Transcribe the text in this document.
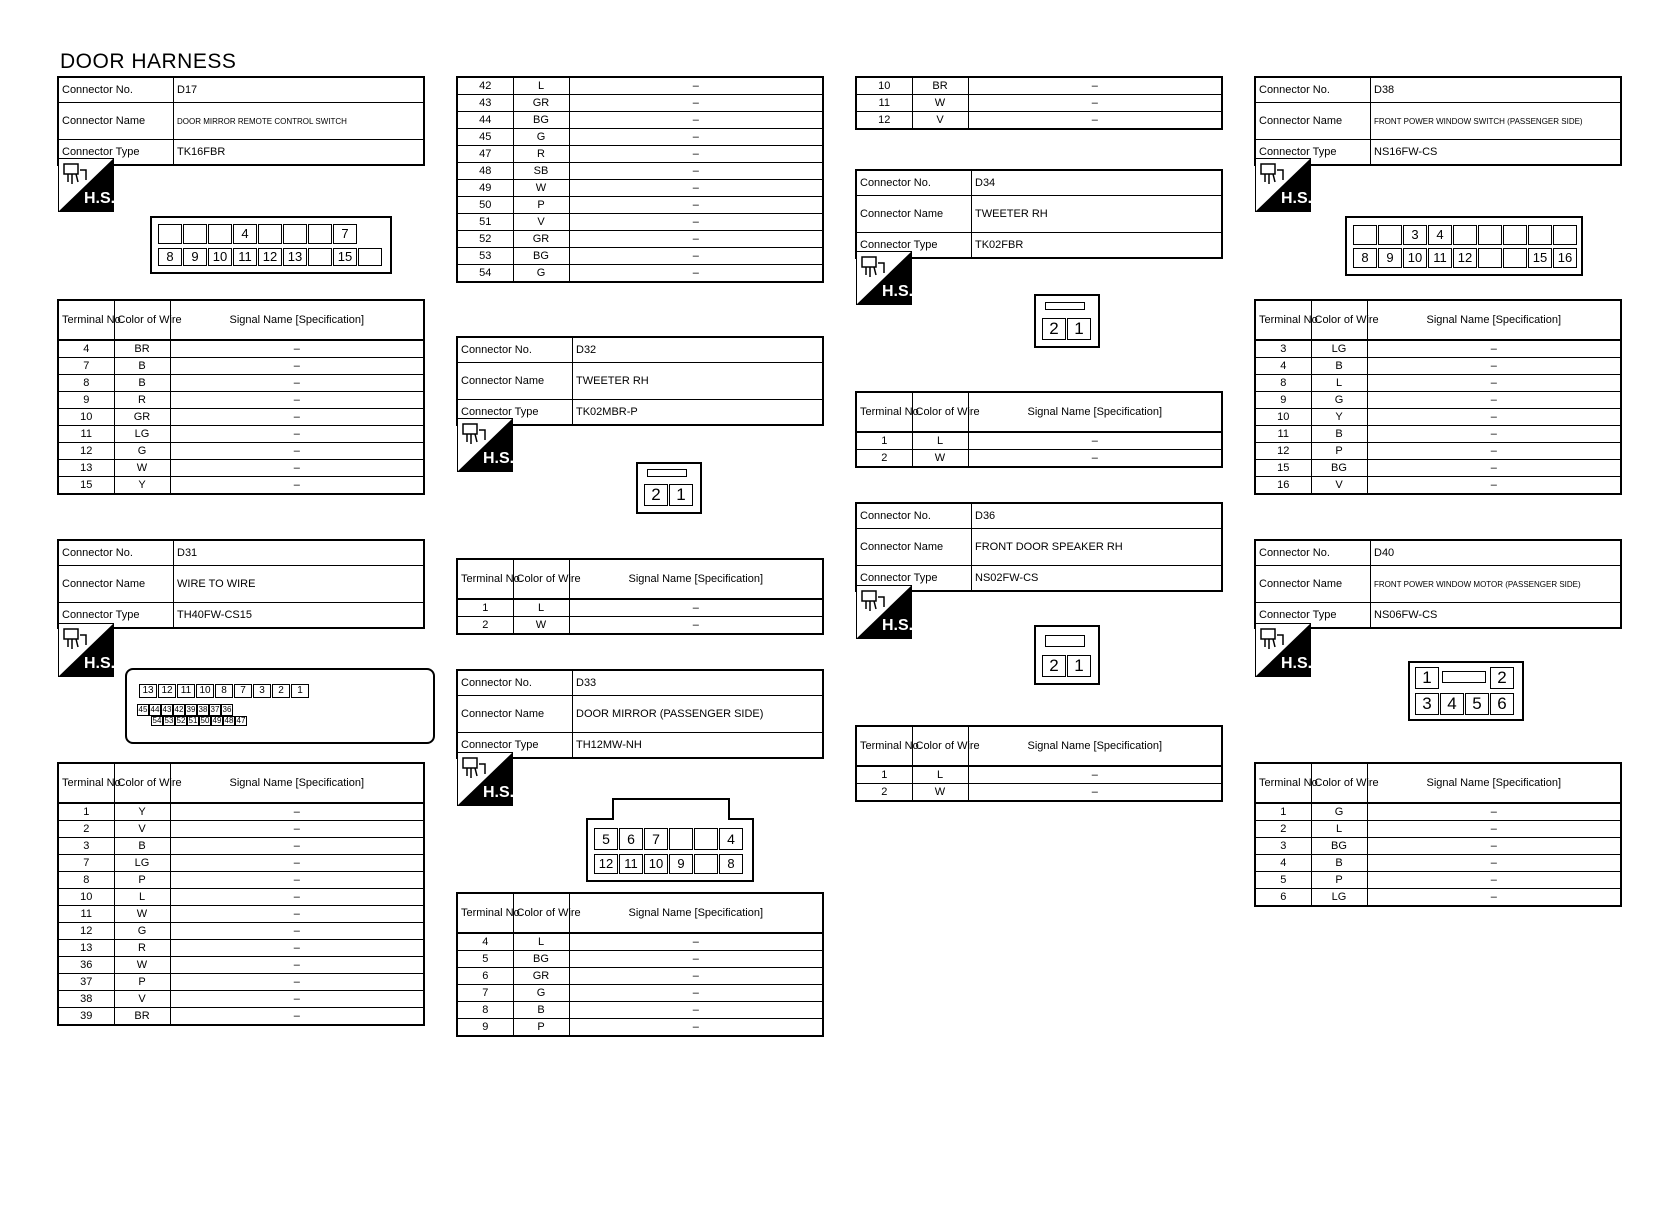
DOOR HARNESS
Connector No.	D17
Connector Name	DOOR MIRROR REMOTE CONTROL SWITCH
Connector Type	TK16FBR
H.S.
4	7
8	9	10 11 12 13	15
Terminal No.	Color of Wire	Signal Name [Specification]
4	BR	–
7	B	–
8	B	–
9	R	–
10	GR	–
11	LG	–
12	G	–
13	W	–
15	Y	–
Connector No.	D31
Connector Name	WIRE TO WIRE
Connector Type	TH40FW-CS15
H.S.
13 12 11 10	8	7	3	2	1
45 44 43 42 39 38 37 36
54 53 52 51 50 49 48 47
Terminal No.	Color of Wire	Signal Name [Specification]
1	Y	–
2	V	–
3	B	–
7	LG	–
8	P	–
10	L	–
11	W	–
12	G	–
13	R	–
36	W	–
37	P	–
38	V	–
39	BR	–
42	L	–
43	GR	–
44	BG	–
45	G	–
47	R	–
48	SB	–
49	W	–
50	P	–
51	V	–
52	GR	–
53	BG	–
54	G	–
Connector No.	D32
Connector Name	TWEETER RH
Connector Type	TK02MBR-P
H.S.
2 1
Terminal No.	Color of Wire	Signal Name [Specification]
1	L	–
2	W	–
Connector No.	D33
Connector Name	DOOR MIRROR (PASSENGER SIDE)
Connector Type	TH12MW-NH
H.S.
5	6	7	4
12 11 10	9	8
Terminal No.	Color of Wire	Signal Name [Specification]
4	L	–
5	BG	–
6	GR	–
7	G	–
8	B	–
9	P	–
10	BR	–
11	W	–
12	V	–
Connector No.	D34
Connector Name	TWEETER RH
Connector Type	TK02FBR
H.S.
2 1
Terminal No.	Color of Wire	Signal Name [Specification]
1	L	–
2	W	–
Connector No.	D36
Connector Name	FRONT DOOR SPEAKER RH
Connector Type	NS02FW-CS
H.S.
2 1
Terminal No.	Color of Wire	Signal Name [Specification]
1	L	–
2	W	–
Connector No.	D38
Connector Name	FRONT POWER WINDOW SWITCH (PASSENGER SIDE)
Connector Type	NS16FW-CS
H.S.
3	4
8	9	10 11 12	15 16
Terminal No.	Color of Wire	Signal Name [Specification]
3	LG	–
4	B	–
8	L	–
9	G	–
10	Y	–
11	B	–
12	P	–
15	BG	–
16	V	–
Connector No.	D40
Connector Name	FRONT POWER WINDOW MOTOR (PASSENGER SIDE)
Connector Type	NS06FW-CS
H.S.
1	2
3 4 5 6
Terminal No.	Color of Wire	Signal Name [Specification]
1	G	–
2	L	–
3	BG	–
4	B	–
5	P	–
6	LG	–
